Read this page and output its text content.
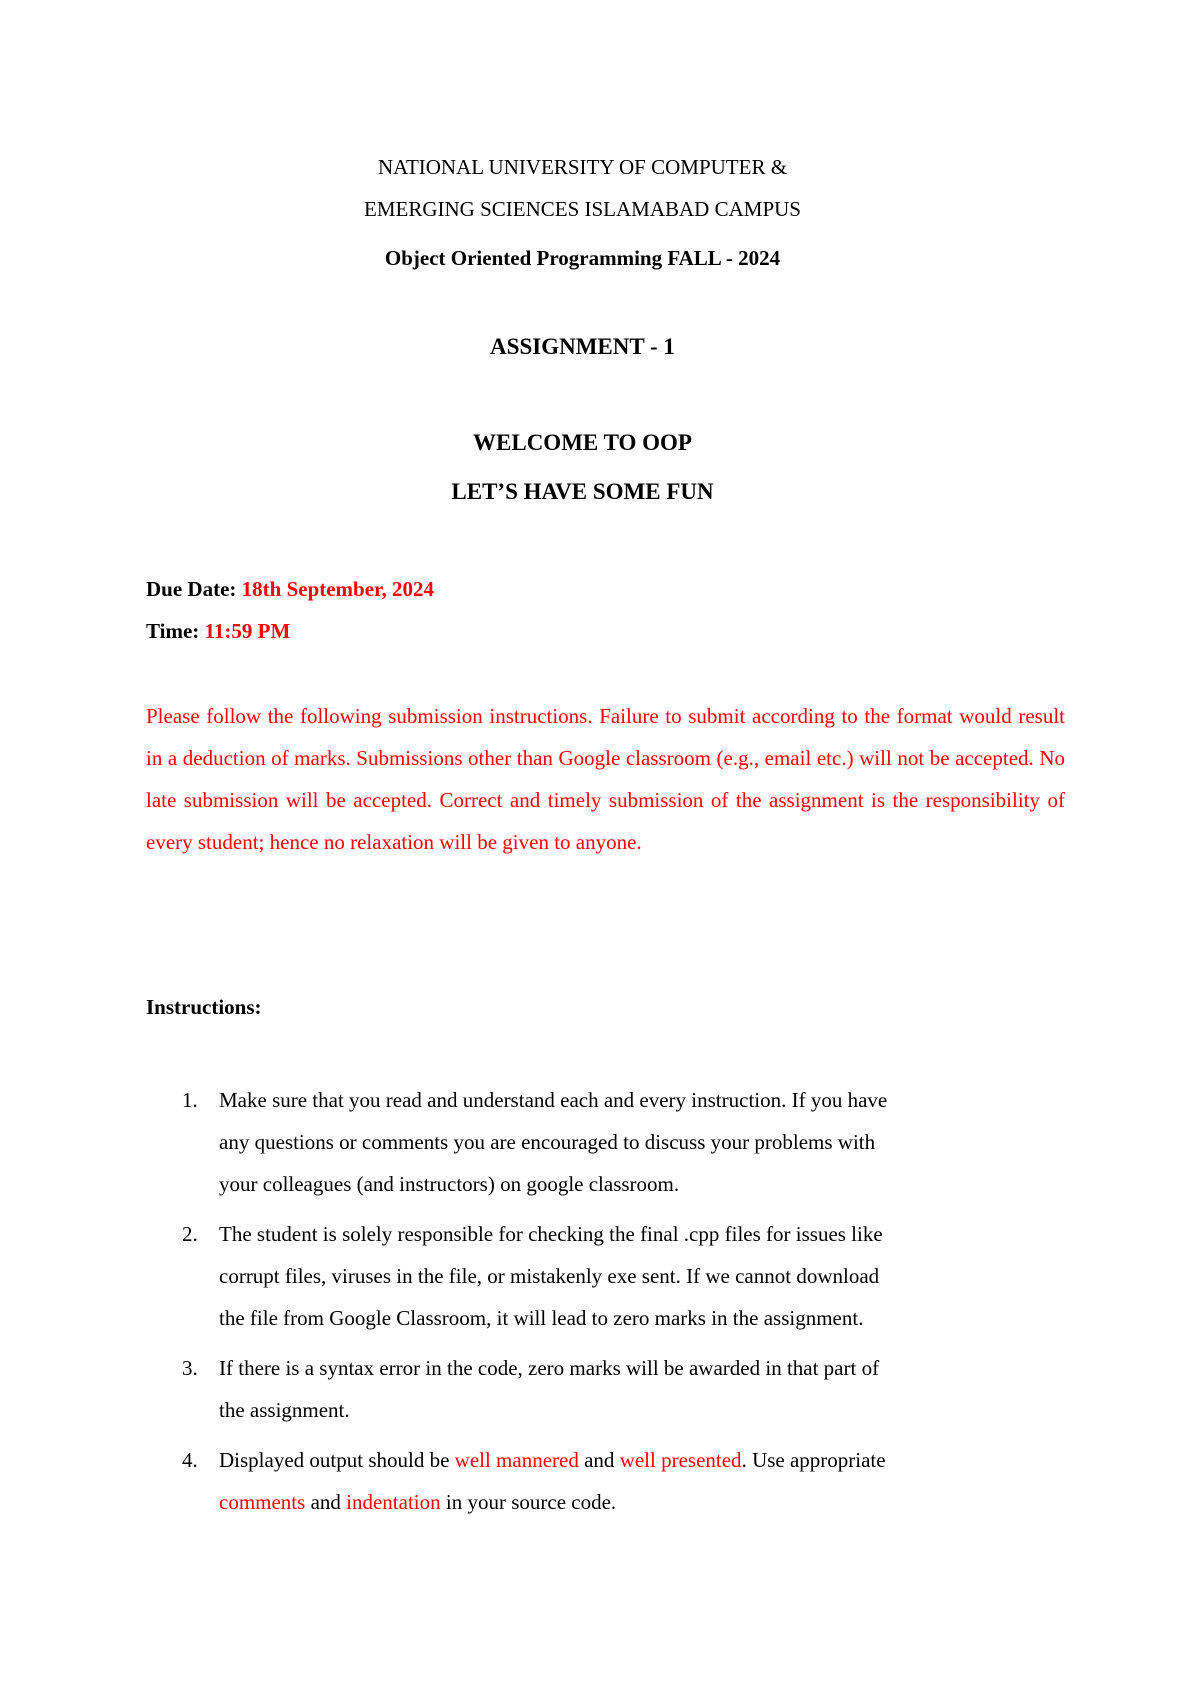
NATIONAL UNIVERSITY OF COMPUTER &
EMERGING SCIENCES ISLAMABAD CAMPUS
Object Oriented Programming FALL - 2024
ASSIGNMENT - 1
WELCOME TO OOP
LET’S HAVE SOME FUN
Due Date: 18th September, 2024
Time: 11:59 PM
Please follow the following submission instructions. Failure to submit according to the format would result in a deduction of marks. Submissions other than Google classroom (e.g., email etc.) will not be accepted. No late submission will be accepted. Correct and timely submission of the assignment is the responsibility of every student; hence no relaxation will be given to anyone.
Instructions:
1. Make sure that you read and understand each and every instruction. If you have
any questions or comments you are encouraged to discuss your problems with
your colleagues (and instructors) on google classroom.
2. The student is solely responsible for checking the final .cpp files for issues like
corrupt files, viruses in the file, or mistakenly exe sent. If we cannot download
the file from Google Classroom, it will lead to zero marks in the assignment.
3. If there is a syntax error in the code, zero marks will be awarded in that part of
the assignment.
4. Displayed output should be well mannered and well presented. Use appropriate
comments and indentation in your source code.
